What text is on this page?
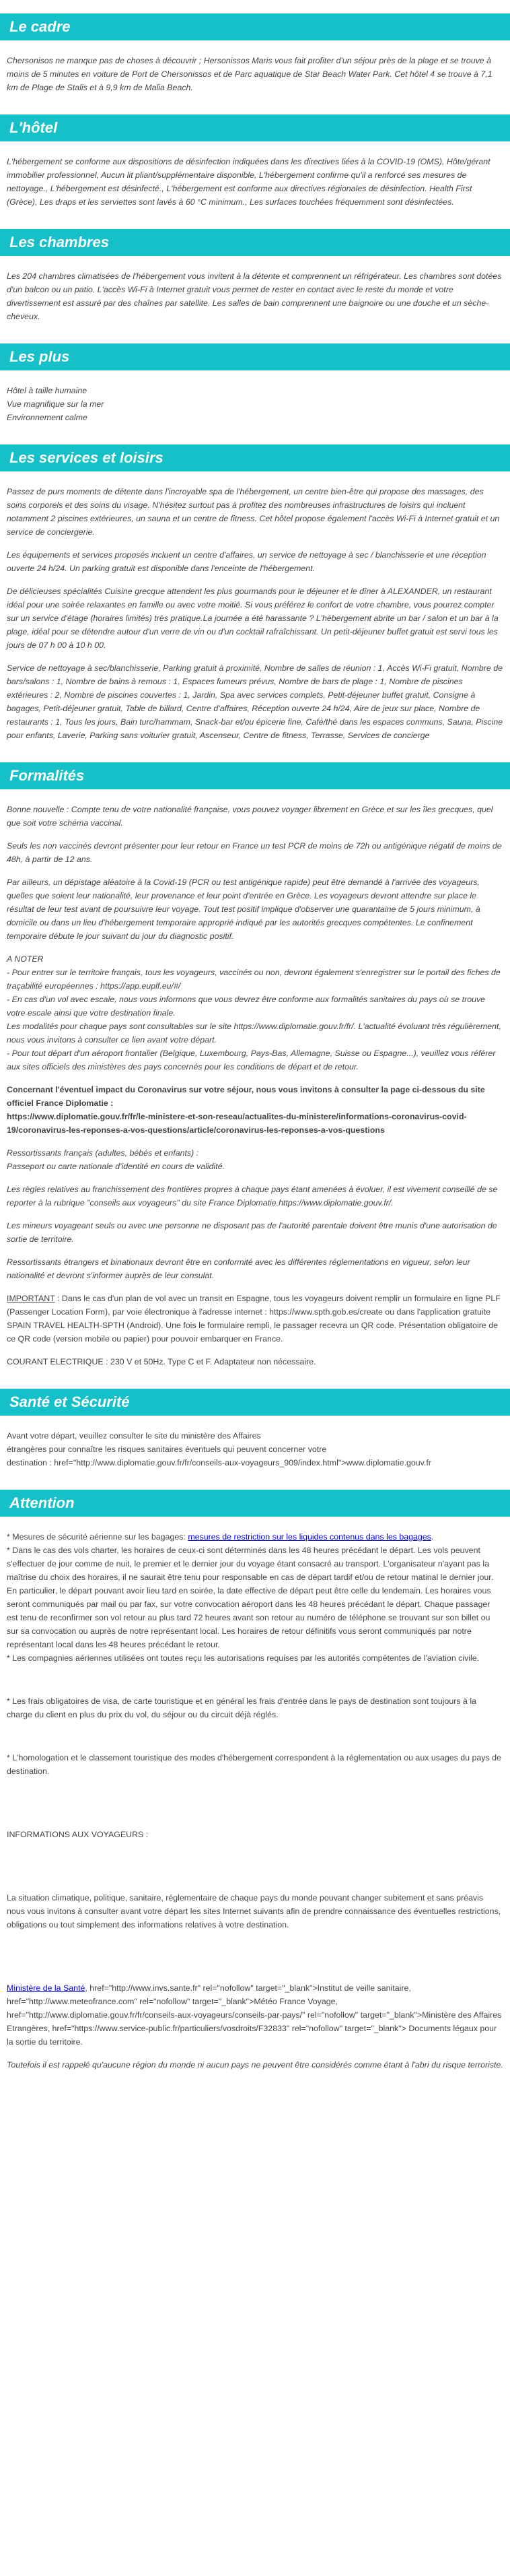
Le cadre

Chersonisos ne manque pas de choses à découvrir ; Hersonissos Maris vous fait profiter d'un séjour près de la plage et se trouve à moins de 5 minutes en voiture de Port de Chersonissos et de Parc aquatique de Star Beach Water Park. Cet hôtel 4 se trouve à 7,1 km de Plage de Stalis et à 9,9 km de Malia Beach.

L'hôtel

L'hébergement se conforme aux dispositions de désinfection indiquées dans les directives liées à la COVID-19 (OMS), Hôte/gérant immobilier professionnel, Aucun lit pliant/supplémentaire disponible, L'hébergement confirme qu'il a renforcé ses mesures de nettoyage., L'hébergement est désinfecté., L'hébergement est conforme aux directives régionales de désinfection. Health First (Grèce), Les draps et les serviettes sont lavés à 60 °C minimum., Les surfaces touchées fréquemment sont désinfectées.

Les chambres

Les 204 chambres climatisées de l'hébergement vous invitent à la détente et comprennent un réfrigérateur. Les chambres sont dotées d'un balcon ou un patio. L'accès Wi-Fi à Internet gratuit vous permet de rester en contact avec le reste du monde et votre divertissement est assuré par des chaînes par satellite. Les salles de bain comprennent une baignoire ou une douche et un sèche-cheveux.

Les plus

Hôtel à taille humaine

Vue magnifique sur la mer

Environnement calme

Les services et loisirs

Passez de purs moments de détente dans l'incroyable spa de l'hébergement, un centre bien-être qui propose des massages, des soins corporels et des soins du visage. N'hésitez surtout pas à profitez des nombreuses infrastructures de loisirs qui incluent notamment 2 piscines extérieures, un sauna et un centre de fitness. Cet hôtel propose également l'accès Wi-Fi à Internet gratuit et un service de conciergerie.

Les équipements et services proposés incluent un centre d'affaires, un service de nettoyage à sec / blanchisserie et une réception ouverte 24 h/24. Un parking gratuit est disponible dans l'enceinte de l'hébergement.

De délicieuses spécialités Cuisine grecque attendent les plus gourmands pour le déjeuner et le dîner à ALEXANDER, un restaurant idéal pour une soirée relaxantes en famille ou avec votre moitié. Si vous préférez le confort de votre chambre, vous pourrez compter sur un service d'étage (horaires limités) très pratique.La journée a été harassante ? L'hébergement abrite un bar / salon et un bar à la plage, idéal pour se détendre autour d'un verre de vin ou d'un cocktail rafraîchissant. Un petit-déjeuner buffet gratuit est servi tous les jours de 07 h 00 à 10 h 00.

Service de nettoyage à sec/blanchisserie, Parking gratuit à proximité, Nombre de salles de réunion : 1, Accès Wi-Fi gratuit, Nombre de bars/salons : 1, Nombre de bains à remous : 1, Espaces fumeurs prévus, Nombre de bars de plage : 1, Nombre de piscines extérieures : 2, Nombre de piscines couvertes : 1, Jardin, Spa avec services complets, Petit-déjeuner buffet gratuit, Consigne à bagages, Petit-déjeuner gratuit, Table de billard, Centre d'affaires, Réception ouverte 24 h/24, Aire de jeux sur place, Nombre de restaurants : 1, Tous les jours, Bain turc/hammam, Snack-bar et/ou épicerie fine, Café/thé dans les espaces communs, Sauna, Piscine pour enfants, Laverie, Parking sans voiturier gratuit, Ascenseur, Centre de fitness, Terrasse, Services de concierge

Formalités

Bonne nouvelle : Compte tenu de votre nationalité française, vous pouvez voyager librement en Grèce et sur les îles grecques, quel que soit votre schéma vaccinal.

Seuls les non vaccinés devront présenter pour leur retour en France un test PCR de moins de 72h ou antigénique négatif de moins de 48h, à partir de 12 ans.

Par ailleurs, un dépistage aléatoire à la Covid-19 (PCR ou test antigénique rapide) peut être demandé à l'arrivée des voyageurs, quelles que soient leur nationalité, leur provenance et leur point d'entrée en Grèce. Les voyageurs devront attendre sur place le résultat de leur test avant de poursuivre leur voyage. Tout test positif implique d'observer une quarantaine de 5 jours minimum, à domicile ou dans un lieu d'hébergement temporaire approprié indiqué par les autorités grecques compétentes. Le confinement temporaire débute le jour suivant du jour du diagnostic positif.

A NOTER
- Pour entrer sur le territoire français, tous les voyageurs, vaccinés ou non, devront également s'enregistrer sur le portail des fiches de traçabilité européennes : https://app.euplf.eu/#/
- En cas d'un vol avec escale, nous vous informons que vous devrez être conforme aux formalités sanitaires du pays où se trouve votre escale ainsi que votre destination finale.
Les modalités pour chaque pays sont consultables sur le site https://www.diplomatie.gouv.fr/fr/. L'actualité évoluant très régulièrement, nous vous invitons à consulter ce lien avant votre départ.
- Pour tout départ d'un aéroport frontalier (Belgique, Luxembourg, Pays-Bas, Allemagne, Suisse ou Espagne...), veuillez vous référer aux sites officiels des ministères des pays concernés pour les conditions de départ et de retour.

Concernant l'éventuel impact du Coronavirus sur votre séjour, nous vous invitons à consulter la page ci-dessous du site officiel France Diplomatie :
https://www.diplomatie.gouv.fr/fr/le-ministere-et-son-reseau/actualites-du-ministere/informations-coronavirus-covid-19/coronavirus-les-reponses-a-vos-questions/article/coronavirus-les-reponses-a-vos-questions

Ressortissants français (adultes, bébés et enfants) :
Passeport ou carte nationale d'identité en cours de validité.

Les règles relatives au franchissement des frontières propres à chaque pays étant amenées à évoluer, il est vivement conseillé de se reporter à la rubrique "conseils aux voyageurs" du site France Diplomatie.https://www.diplomatie.gouv.fr/.

Les mineurs voyageant seuls ou avec une personne ne disposant pas de l'autorité parentale doivent être munis d'une autorisation de sortie de territoire.

Ressortissants étrangers et binationaux devront être en conformité avec les différentes réglementations en vigueur, selon leur nationalité et devront s'informer auprès de leur consulat.

IMPORTANT : Dans le cas d'un plan de vol avec un transit en Espagne, tous les voyageurs doivent remplir un formulaire en ligne PLF (Passenger Location Form), par voie électronique à l'adresse internet : https://www.spth.gob.es/create ou dans l'application gratuite SPAIN TRAVEL HEALTH-SPTH (Android). Une fois le formulaire rempli, le passager recevra un QR code. Présentation obligatoire de ce QR code (version mobile ou papier) pour pouvoir embarquer en France.

COURANT ELECTRIQUE : 230 V et 50Hz. Type C et F. Adaptateur non nécessaire.

Santé et Sécurité

Avant votre départ, veuillez consulter le site du ministère des Affaires
étrangères pour connaître les risques sanitaires éventuels qui peuvent concerner votre
destination : href="http://www.diplomatie.gouv.fr/fr/conseils-aux-voyageurs_909/index.html">www.diplomatie.gouv.fr

Attention

* Mesures de sécurité aérienne sur les bagages: mesures de restriction sur les liquides contenus dans les bagages.
* Dans le cas des vols charter, les horaires de ceux-ci sont déterminés dans les 48 heures précédant le départ. Les vols peuvent s'effectuer de jour comme de nuit, le premier et le dernier jour du voyage étant consacré au transport. L'organisateur n'ayant pas la maîtrise du choix des horaires, il ne saurait être tenu pour responsable en cas de départ tardif et/ou de retour matinal le dernier jour. En particulier, le départ pouvant avoir lieu tard en soirée, la date effective de départ peut être celle du lendemain. Les horaires vous seront communiqués par mail ou par fax, sur votre convocation aéroport dans les 48 heures précédant le départ. Chaque passager est tenu de reconfirmer son vol retour au plus tard 72 heures avant son retour au numéro de téléphone se trouvant sur son billet ou sur sa convocation ou auprès de notre représentant local. Les horaires de retour définitifs vous seront communiqués par notre représentant local dans les 48 heures précédant le retour.
* Les compagnies aériennes utilisées ont toutes reçu les autorisations requises par les autorités compétentes de l'aviation civile.

* Les frais obligatoires de visa, de carte touristique et en général les frais d'entrée dans le pays de destination sont toujours à la charge du client en plus du prix du vol, du séjour ou du circuit déjà réglés.

* L'homologation et le classement touristique des modes d'hébergement correspondent à la réglementation ou aux usages du pays de destination.

INFORMATIONS AUX VOYAGEURS :

La situation climatique, politique, sanitaire, réglementaire de chaque pays du monde pouvant changer subitement et sans préavis
nous vous invitons à consulter avant votre départ les sites Internet suivants afin de prendre connaissance des éventuelles restrictions, obligations ou tout simplement des informations relatives à votre destination.

Ministère de la Santé, href="http://www.invs.sante.fr" rel="nofollow" target="_blank">Institut de veille sanitaire, href="http://www.meteofrance.com" rel="nofollow" target="_blank">Météo France Voyage, href="http://www.diplomatie.gouv.fr/fr/conseils-aux-voyageurs/conseils-par-pays/" rel="nofollow" target="_blank">Ministère des Affaires Etrangères, href="https://www.service-public.fr/particuliers/vosdroits/F32833" rel="nofollow" target="_blank"> Documents légaux pour la sortie du territoire.

Toutefois il est rappelé qu'aucune région du monde ni aucun pays ne peuvent être considérés comme étant à l'abri du risque terroriste.
